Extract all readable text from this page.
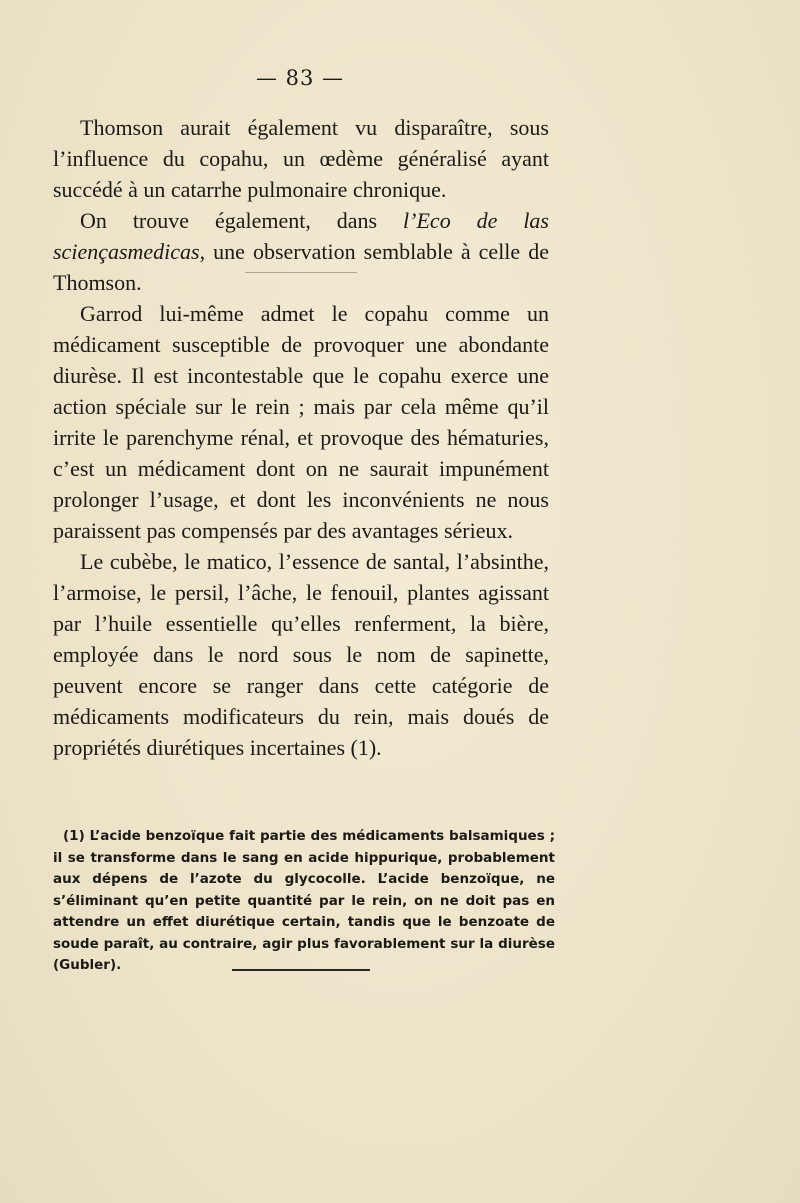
— 83 —

Thomson aurait également vu disparaître, sous l’influence du copahu, un œdème généralisé ayant succédé à un catarrhe pulmonaire chronique.

On trouve également, dans l’Eco de las sciençasmedicas, une observation semblable à celle de Thomson.

Garrod lui-même admet le copahu comme un médicament susceptible de provoquer une abondante diurèse. Il est incontestable que le copahu exerce une action spéciale sur le rein ; mais par cela même qu’il irrite le parenchyme rénal, et provoque des hématuries, c’est un médicament dont on ne saurait impunément prolonger l’usage, et dont les inconvénients ne nous paraissent pas compensés par des avantages sérieux.

Le cubèbe, le matico, l’essence de santal, l’absinthe, l’armoise, le persil, l’âche, le fenouil, plantes agissant par l’huile essentielle qu’elles renferment, la bière, employée dans le nord sous le nom de sapinette, peuvent encore se ranger dans cette catégorie de médicaments modificateurs du rein, mais doués de propriétés diurétiques incertaines (1).

(1) L’acide benzoïque fait partie des médicaments balsamiques ; il se transforme dans le sang en acide hippurique, probablement aux dépens de l’azote du glycocolle. L’acide benzoïque, ne s’éliminant qu’en petite quantité par le rein, on ne doit pas en attendre un effet diurétique certain, tandis que le benzoate de soude paraît, au contraire, agir plus favorablement sur la diurèse (Gubler).
